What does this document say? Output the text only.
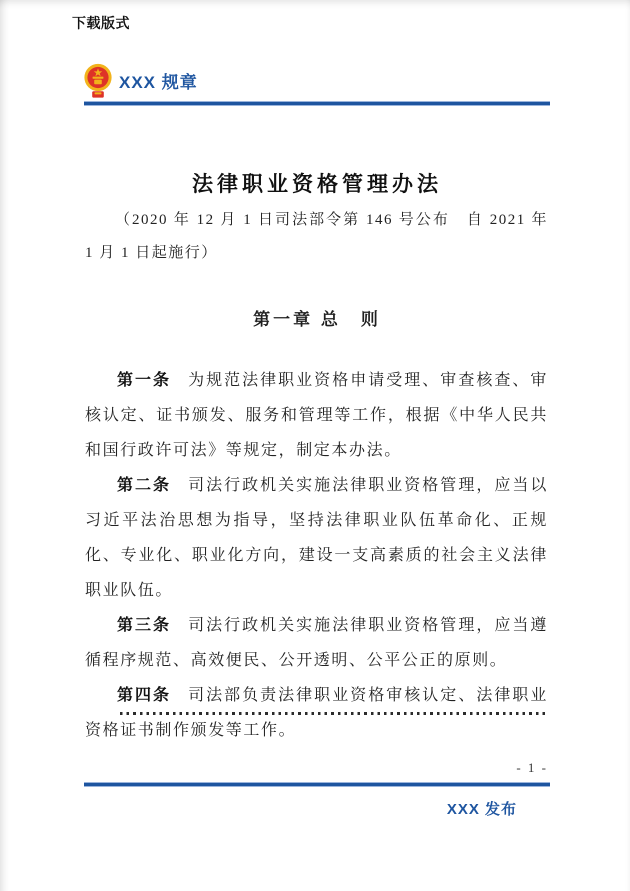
下载版式
XXX 规章
法律职业资格管理办法

（2020 年 12 月 1 日司法部令第 146 号公布　自 2021 年 1 月 1 日起施行）

第一章 总　则

第一条 为规范法律职业资格申请受理、审查核查、审核认定、证书颁发、服务和管理等工作，根据《中华人民共和国行政许可法》等规定，制定本办法。

第二条 司法行政机关实施法律职业资格管理，应当以习近平法治思想为指导，坚持法律职业队伍革命化、正规化、专业化、职业化方向，建设一支高素质的社会主义法律职业队伍。

第三条 司法行政机关实施法律职业资格管理，应当遵循程序规范、高效便民、公开透明、公平公正的原则。

第四条 司法部负责法律职业资格审核认定、法律职业资格证书制作颁发等工作。

- 1 -
XXX 发布
